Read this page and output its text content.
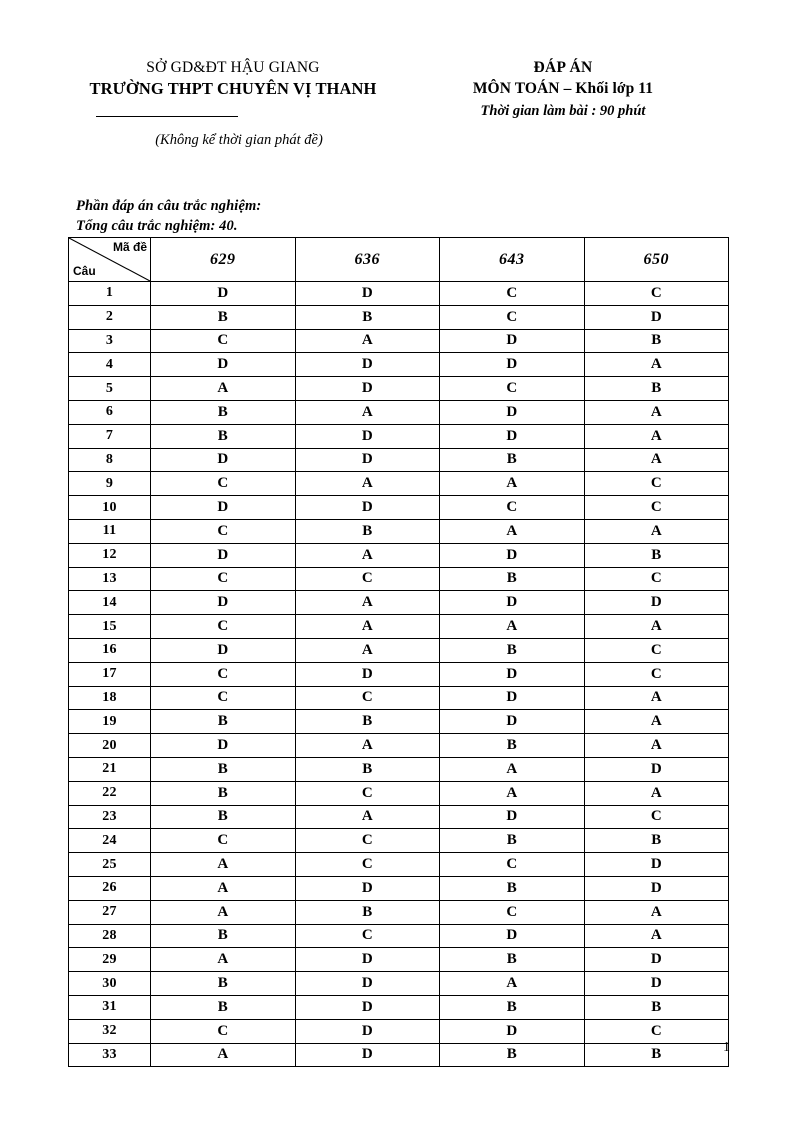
SỞ GD&ĐT HẬU GIANG
TRƯỜNG THPT CHUYÊN VỊ THANH
(Không kể thời gian phát đề)
ĐÁP ÁN
MÔN TOÁN – Khối lớp 11
Thời gian làm bài : 90 phút
Phần đáp án câu trắc nghiệm:
Tổng câu trắc nghiệm: 40.
Mã đề
Câu	629	636	643	650
1	D	D	C	C
2	B	B	C	D
3	C	A	D	B
4	D	D	D	A
5	A	D	C	B
6	B	A	D	A
7	B	D	D	A
8	D	D	B	A
9	C	A	A	C
10	D	D	C	C
11	C	B	A	A
12	D	A	D	B
13	C	C	B	C
14	D	A	D	D
15	C	A	A	A
16	D	A	B	C
17	C	D	D	C
18	C	C	D	A
19	B	B	D	A
20	D	A	B	A
21	B	B	A	D
22	B	C	A	A
23	B	A	D	C
24	C	C	B	B
25	A	C	C	D
26	A	D	B	D
27	A	B	C	A
28	B	C	D	A
29	A	D	B	D
30	B	D	A	D
31	B	D	B	B
32	C	D	D	C
33	A	D	B	B	1
